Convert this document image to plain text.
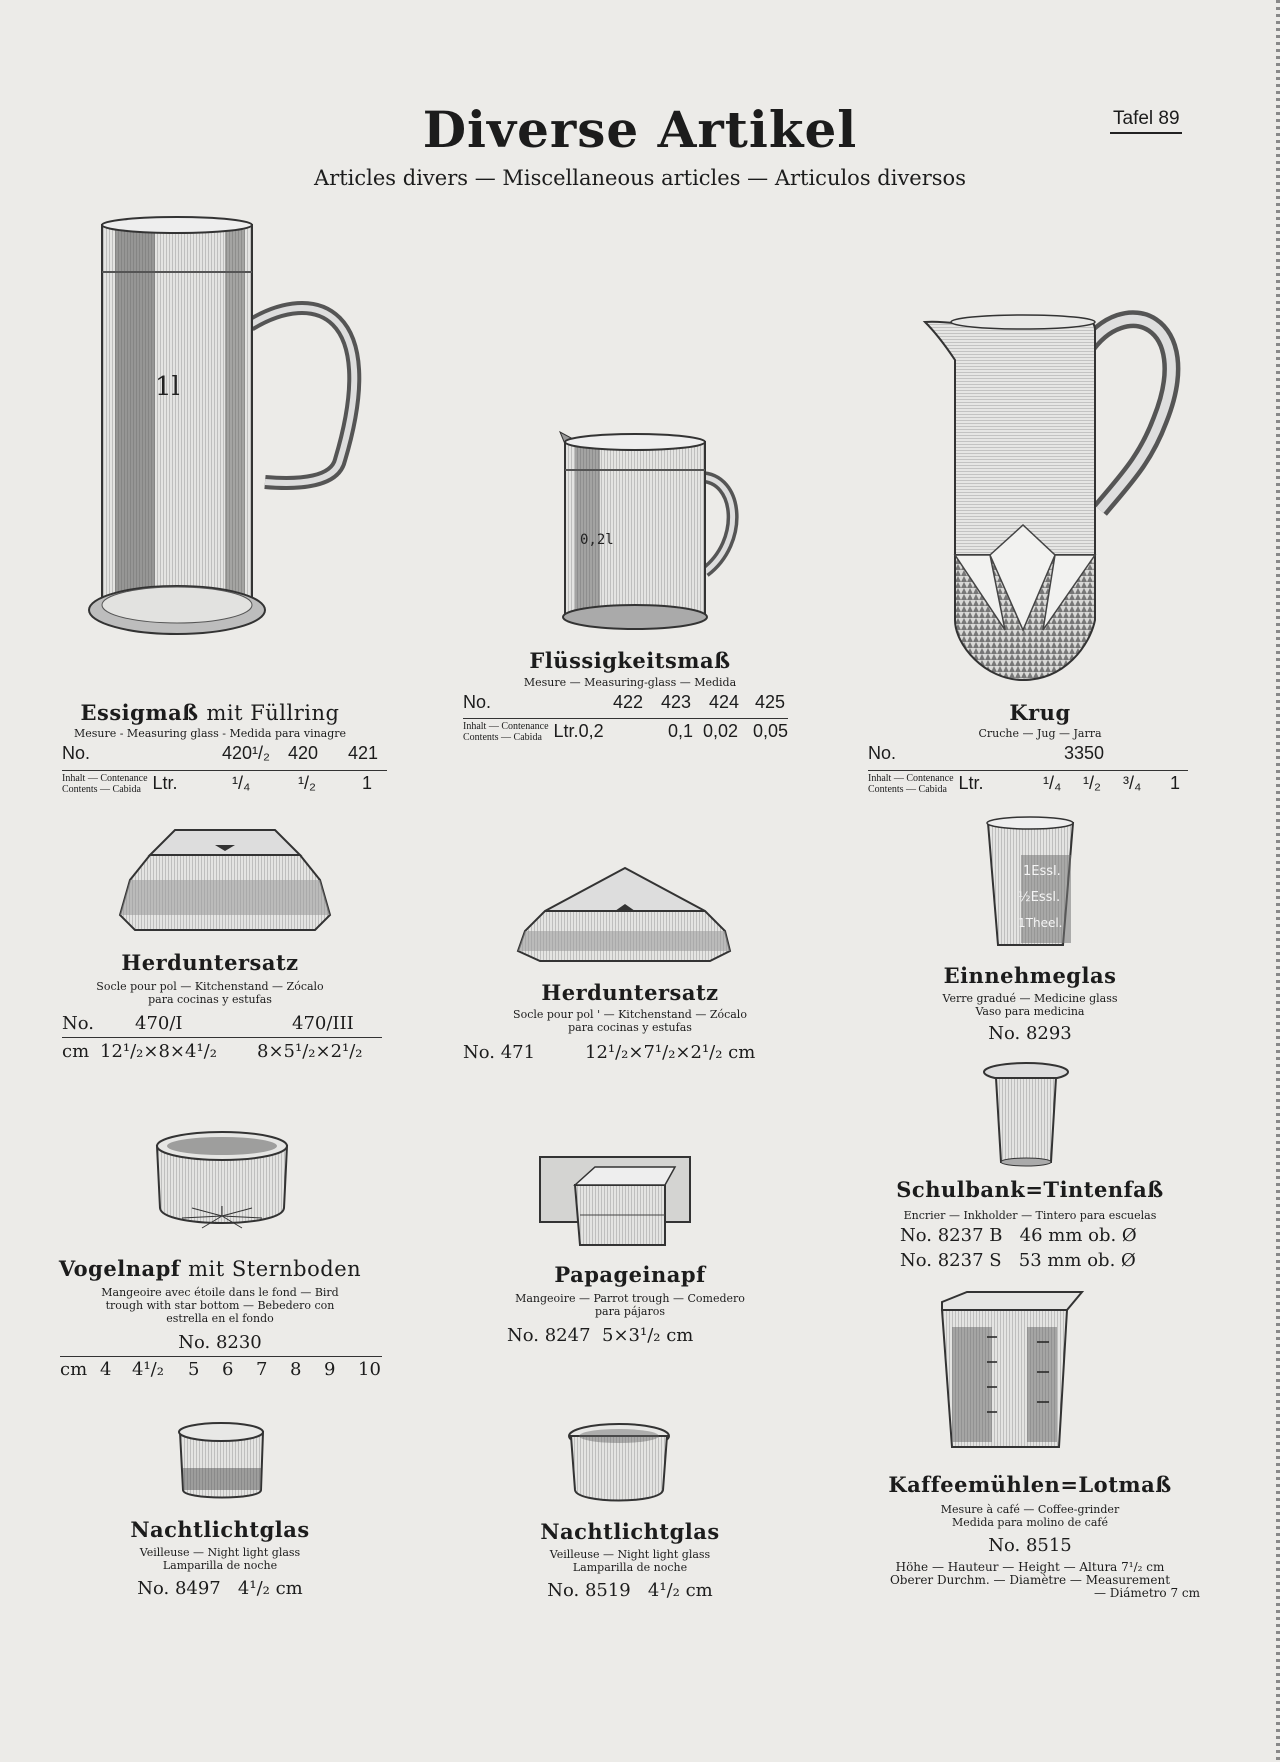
Diverse Artikel
Articles divers — Miscellaneous articles — Articulos diversos
Tafel 89
1l
Essigmaß mit Füllring
Mesure - Measuring glass - Medida para vinagre
No.	420¹/₂ 420 421
Inhalt — Contenance
Contents — Cabida Ltr.	¹/₄	¹/₂	1
0,2l
Flüssigkeitsmaß
Mesure — Measuring-glass — Medida
No.	422 423 424 425
Inhalt — Contenance
Contents — Cabida Ltr.0,2	0,1 0,02 0,05
Krug
Cruche — Jug — Jarra
No.	3350
Inhalt — Contenance
Contents — Cabida Ltr.	¹/₄ ¹/₂ ³/₄ 1
Herduntersatz
Socle pour pol — Kitchenstand — Zócalo
para cocinas y estufas
No. 470/I	470/III
cm 12¹/₂×8×4¹/₂ 8×5¹/₂×2¹/₂
Herduntersatz
Socle pour pol ' — Kitchenstand — Zócalo
para cocinas y estufas
No. 471	12¹/₂×7¹/₂×2¹/₂ cm
1Essl.
½Essl.
1Theel.
Einnehmeglas
Verre gradué — Medicine glass
Vaso para medicina
No. 8293
Schulbank=Tintenfaß
Encrier — Inkholder — Tintero para escuelas
No. 8237 B   46 mm ob. Ø
No. 8237 S   53 mm ob. Ø
Vogelnapf mit Sternboden
Mangeoire avec étoile dans le fond — Bird
trough with star bottom — Bebedero con
estrella en el fondo
No. 8230
cm 4 4¹/₂ 5 6 7 8 9 10
Papageinapf
Mangeoire — Parrot trough — Comedero
para pájaros
No. 8247 5×3¹/₂ cm
Kaffeemühlen=Lotmaß
Mesure à café — Coffee-grinder
Medida para molino de café
No. 8515
Höhe — Hauteur — Height — Altura 7¹/₂ cm
Oberer Durchm. — Diamètre — Measurement
— Diámetro 7 cm
Nachtlichtglas
Veilleuse — Night light glass
Lamparilla de noche
No. 8497   4¹/₂ cm
Nachtlichtglas
Veilleuse — Night light glass
Lamparilla de noche
No. 8519   4¹/₂ cm
